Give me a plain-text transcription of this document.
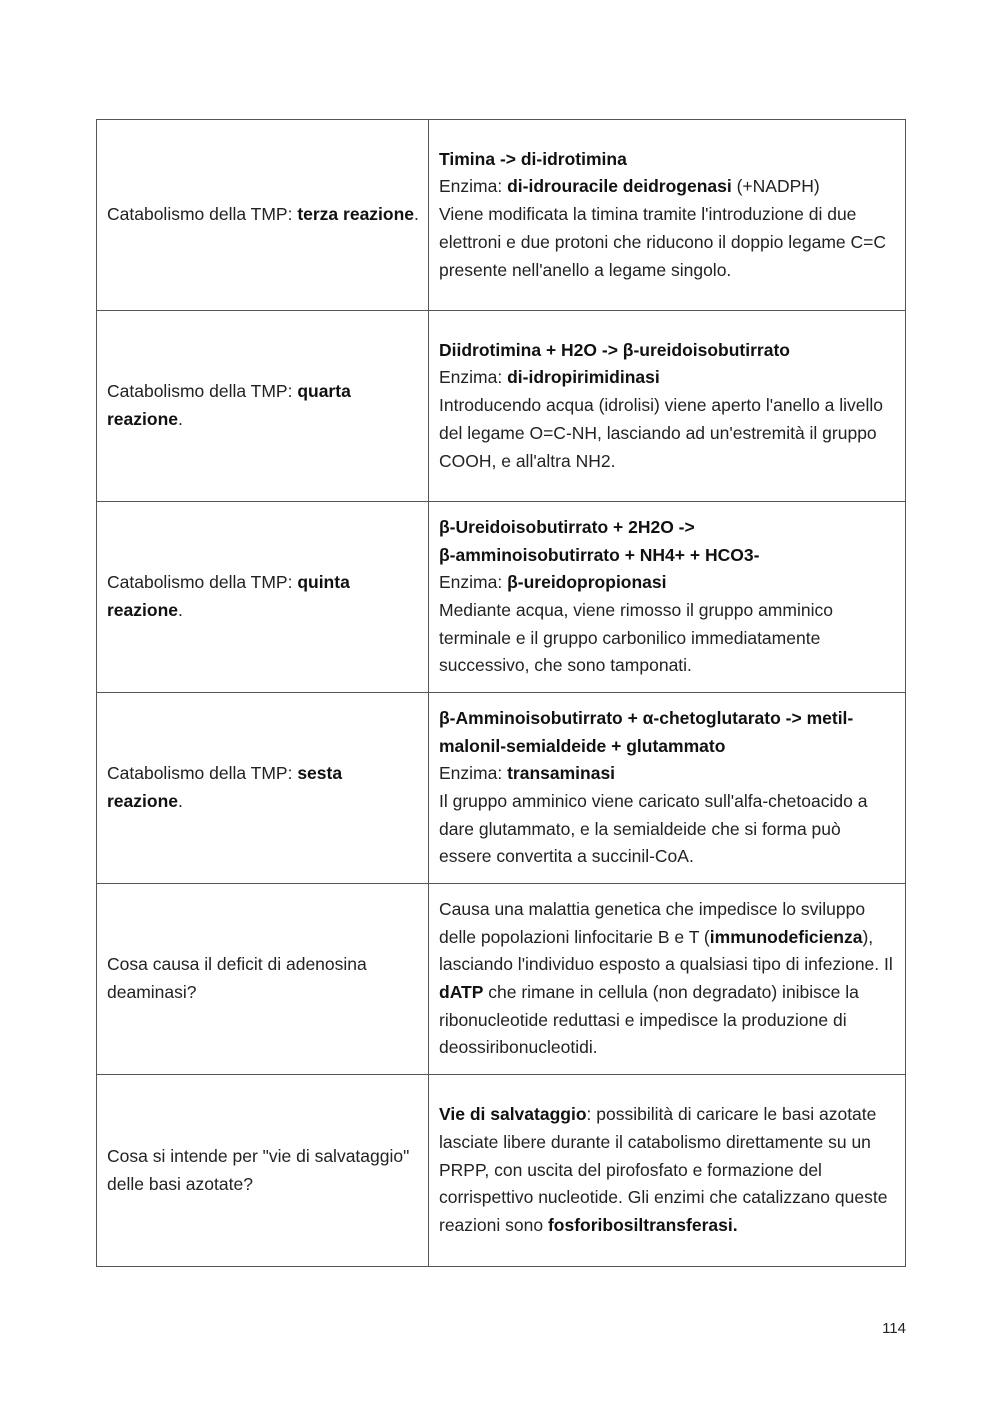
Catabolismo della TMP: terza reazione.	Timina -> di-idrotimina
Enzima: di-idrouracile deidrogenasi (+NADPH)
Viene modificata la timina tramite l'introduzione di due elettroni e due protoni che riducono il doppio legame C=C presente nell'anello a legame singolo.
Catabolismo della TMP: quarta reazione.	Diidrotimina + H2O -> β-ureidoisobutirrato
Enzima: di-idropirimidinasi
Introducendo acqua (idrolisi) viene aperto l'anello a livello del legame O=C-NH, lasciando ad un'estremità il gruppo COOH, e all'altra NH2.
Catabolismo della TMP: quinta reazione.	β-Ureidoisobutirrato + 2H2O ->
β-amminoisobutirrato + NH4+ + HCO3-
Enzima: β-ureidopropionasi
Mediante acqua, viene rimosso il gruppo amminico terminale e il gruppo carbonilico immediatamente successivo, che sono tamponati.
Catabolismo della TMP: sesta reazione.	β-Amminoisobutirrato + α-chetoglutarato -> metil-malonil-semialdeide + glutammato
Enzima: transaminasi
Il gruppo amminico viene caricato sull'alfa-chetoacido a dare glutammato, e la semialdeide che si forma può essere convertita a succinil-CoA.
Cosa causa il deficit di adenosina deaminasi?	Causa una malattia genetica che impedisce lo sviluppo delle popolazioni linfocitarie B e T (immunodeficienza), lasciando l'individuo esposto a qualsiasi tipo di infezione. Il dATP che rimane in cellula (non degradato) inibisce la ribonucleotide reduttasi e impedisce la produzione di deossiribonucleotidi.
Cosa si intende per "vie di salvataggio" delle basi azotate?	Vie di salvataggio: possibilità di caricare le basi azotate lasciate libere durante il catabolismo direttamente su un PRPP, con uscita del pirofosfato e formazione del corrispettivo nucleotide. Gli enzimi che catalizzano queste reazioni sono fosforibosiltransferasi.
114
